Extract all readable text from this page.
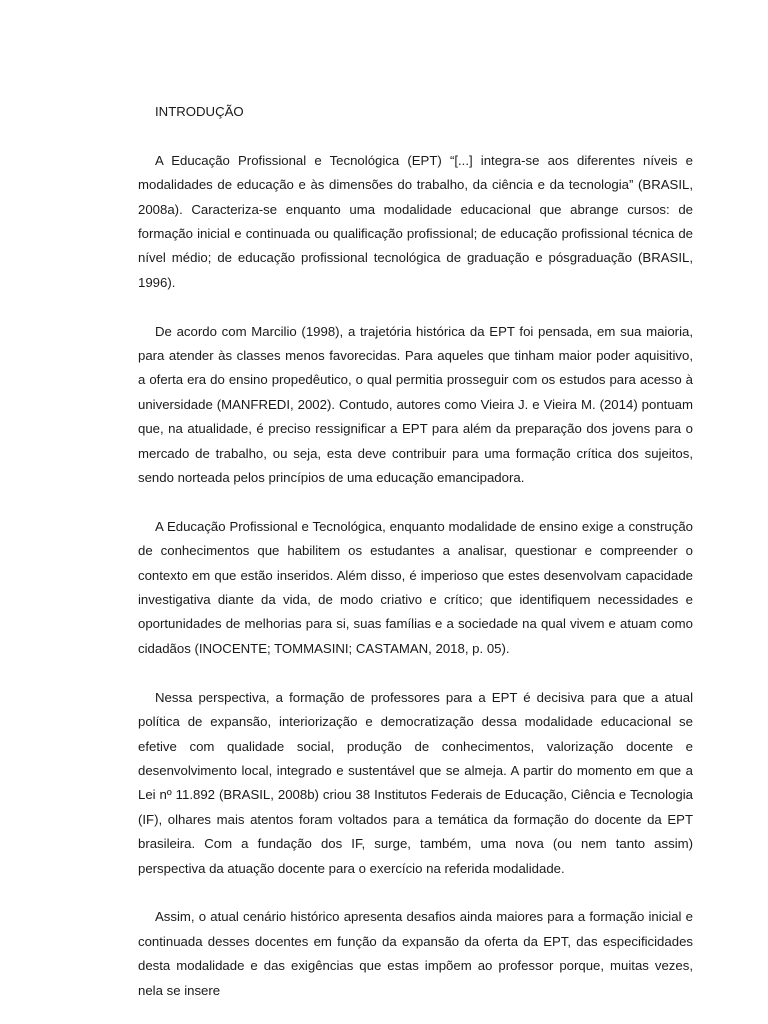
INTRODUÇÃO

A Educação Profissional e Tecnológica (EPT) “[...] integra-se aos diferentes níveis e modalidades de educação e às dimensões do trabalho, da ciência e da tecnologia” (BRASIL, 2008a). Caracteriza-se enquanto uma modalidade educacional que abrange cursos: de formação inicial e continuada ou qualificação profissional; de educação profissional técnica de nível médio; de educação profissional tecnológica de graduação e pósgraduação (BRASIL, 1996).

De acordo com Marcilio (1998), a trajetória histórica da EPT foi pensada, em sua maioria, para atender às classes menos favorecidas. Para aqueles que tinham maior poder aquisitivo, a oferta era do ensino propedêutico, o qual permitia prosseguir com os estudos para acesso à universidade (MANFREDI, 2002). Contudo, autores como Vieira J. e Vieira M. (2014) pontuam que, na atualidade, é preciso ressignificar a EPT para além da preparação dos jovens para o mercado de trabalho, ou seja, esta deve contribuir para uma formação crítica dos sujeitos, sendo norteada pelos princípios de uma educação emancipadora.

A Educação Profissional e Tecnológica, enquanto modalidade de ensino exige a construção de conhecimentos que habilitem os estudantes a analisar, questionar e compreender o contexto em que estão inseridos. Além disso, é imperioso que estes desenvolvam capacidade investigativa diante da vida, de modo criativo e crítico; que identifiquem necessidades e oportunidades de melhorias para si, suas famílias e a sociedade na qual vivem e atuam como cidadãos (INOCENTE; TOMMASINI; CASTAMAN, 2018, p. 05).

Nessa perspectiva, a formação de professores para a EPT é decisiva para que a atual política de expansão, interiorização e democratização dessa modalidade educacional se efetive com qualidade social, produção de conhecimentos, valorização docente e desenvolvimento local, integrado e sustentável que se almeja. A partir do momento em que a Lei nº 11.892 (BRASIL, 2008b) criou 38 Institutos Federais de Educação, Ciência e Tecnologia (IF), olhares mais atentos foram voltados para a temática da formação do docente da EPT brasileira. Com a fundação dos IF, surge, também, uma nova (ou nem tanto assim) perspectiva da atuação docente para o exercício na referida modalidade.

Assim, o atual cenário histórico apresenta desafios ainda maiores para a formação inicial e continuada desses docentes em função da expansão da oferta da EPT, das especificidades desta modalidade e das exigências que estas impõem ao professor porque, muitas vezes, nela se insere
